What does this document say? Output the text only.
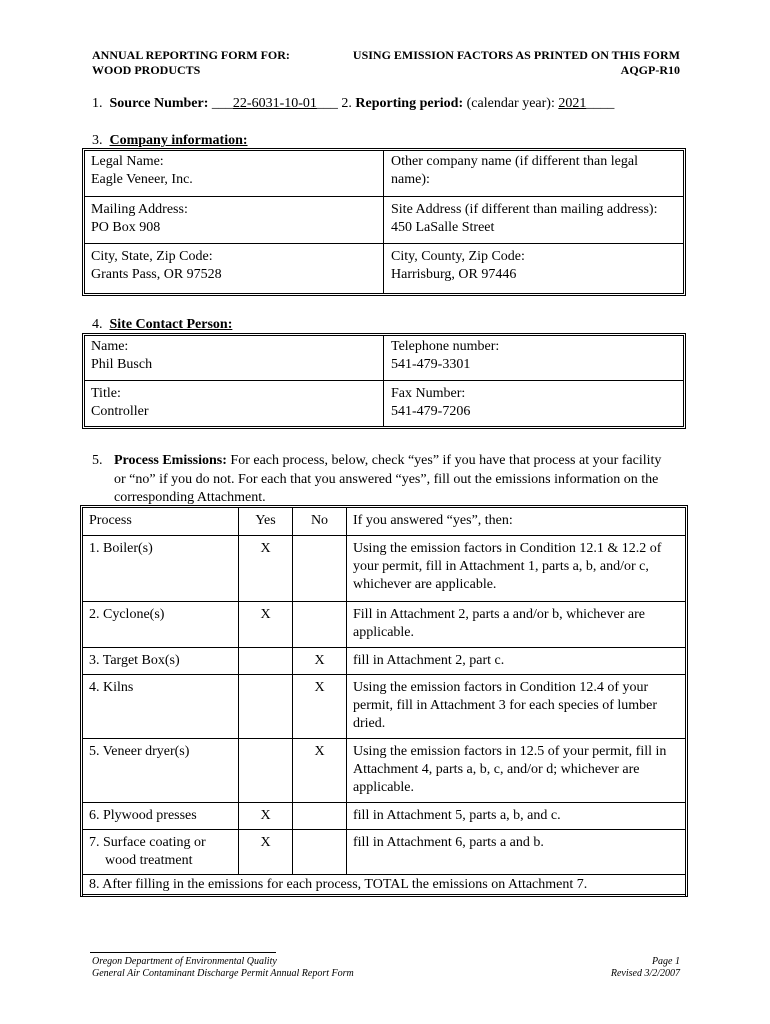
ANNUAL REPORTING FORM FOR:
WOOD PRODUCTS
USING EMISSION FACTORS AS PRINTED ON THIS FORM
AQGP-R10
1. Source Number: ___22-6031-10-01___ 2. Reporting period: (calendar year): 2021____
3. Company information:
Legal Name:
Eagle Veneer, Inc.
Other company name (if different than legal name):
Mailing Address:
PO Box 908
Site Address (if different than mailing address): 450 LaSalle Street
City, State, Zip Code:
Grants Pass, OR 97528
City, County, Zip Code:
Harrisburg, OR 97446
4. Site Contact Person:
Name:
Phil Busch
Telephone number:
541-479-3301
Title:
Controller
Fax Number:
541-479-7206
5. Process Emissions: For each process, below, check “yes” if you have that process at your facility or “no” if you do not. For each that you answered “yes”, fill out the emissions information on the corresponding Attachment.
Process	Yes	No	If you answered “yes”, then:
1. Boiler(s)	X		Using the emission factors in Condition 12.1 & 12.2 of your permit, fill in Attachment 1, parts a, b, and/or c, whichever are applicable.
2. Cyclone(s)	X		Fill in Attachment 2, parts a and/or b, whichever are applicable.
3. Target Box(s)		X	fill in Attachment 2, part c.
4. Kilns		X	Using the emission factors in Condition 12.4 of your permit, fill in Attachment 3 for each species of lumber dried.
5. Veneer dryer(s)		X	Using the emission factors in 12.5 of your permit, fill in Attachment 4, parts a, b, c, and/or d; whichever are applicable.
6. Plywood presses	X		fill in Attachment 5, parts a, b, and c.
7. Surface coating or wood treatment	X		fill in Attachment 6, parts a and b.
8. After filling in the emissions for each process, TOTAL the emissions on Attachment 7.			
Oregon Department of Environmental Quality
General Air Contaminant Discharge Permit Annual Report Form
Page 1
Revised 3/2/2007
